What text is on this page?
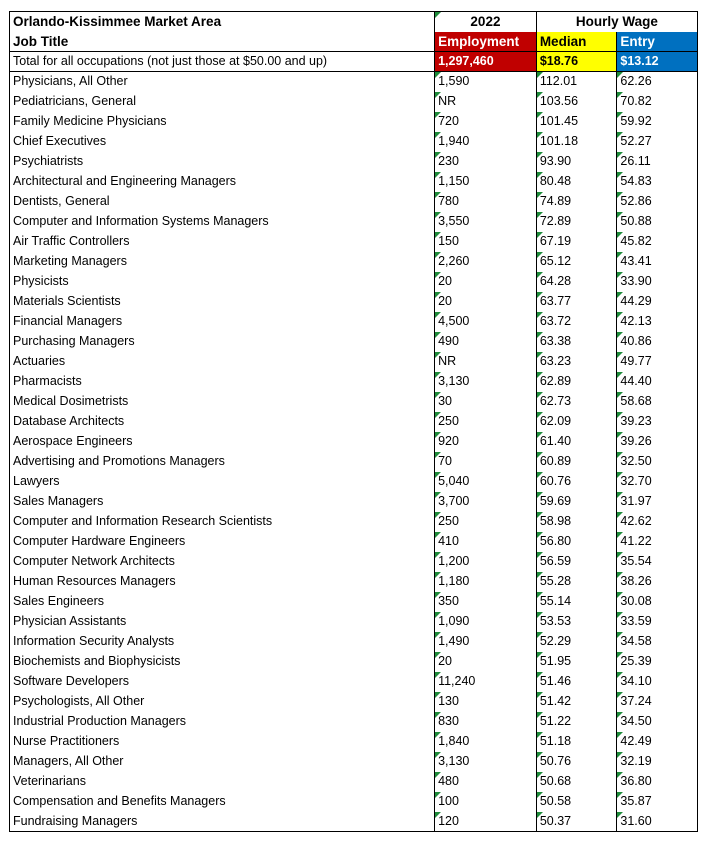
Orlando-Kissimmee Market Area	2022	Hourly Wage	
Job Title	Employment	Median	Entry
Total for all occupations (not just those at $50.00 and up)	1,297,460	$18.76	$13.12
Physicians, All Other	1,590	112.01	62.26
Pediatricians, General	NR	103.56	70.82
Family Medicine Physicians	720	101.45	59.92
Chief Executives	1,940	101.18	52.27
Psychiatrists	230	93.90	26.11
Architectural and Engineering Managers	1,150	80.48	54.83
Dentists, General	780	74.89	52.86
Computer and Information Systems Managers	3,550	72.89	50.88
Air Traffic Controllers	150	67.19	45.82
Marketing Managers	2,260	65.12	43.41
Physicists	20	64.28	33.90
Materials Scientists	20	63.77	44.29
Financial Managers	4,500	63.72	42.13
Purchasing Managers	490	63.38	40.86
Actuaries	NR	63.23	49.77
Pharmacists	3,130	62.89	44.40
Medical Dosimetrists	30	62.73	58.68
Database Architects	250	62.09	39.23
Aerospace Engineers	920	61.40	39.26
Advertising and Promotions Managers	70	60.89	32.50
Lawyers	5,040	60.76	32.70
Sales Managers	3,700	59.69	31.97
Computer and Information Research Scientists	250	58.98	42.62
Computer Hardware Engineers	410	56.80	41.22
Computer Network Architects	1,200	56.59	35.54
Human Resources Managers	1,180	55.28	38.26
Sales Engineers	350	55.14	30.08
Physician Assistants	1,090	53.53	33.59
Information Security Analysts	1,490	52.29	34.58
Biochemists and Biophysicists	20	51.95	25.39
Software Developers	11,240	51.46	34.10
Psychologists, All Other	130	51.42	37.24
Industrial Production Managers	830	51.22	34.50
Nurse Practitioners	1,840	51.18	42.49
Managers, All Other	3,130	50.76	32.19
Veterinarians	480	50.68	36.80
Compensation and Benefits Managers	100	50.58	35.87
Fundraising Managers	120	50.37	31.60
